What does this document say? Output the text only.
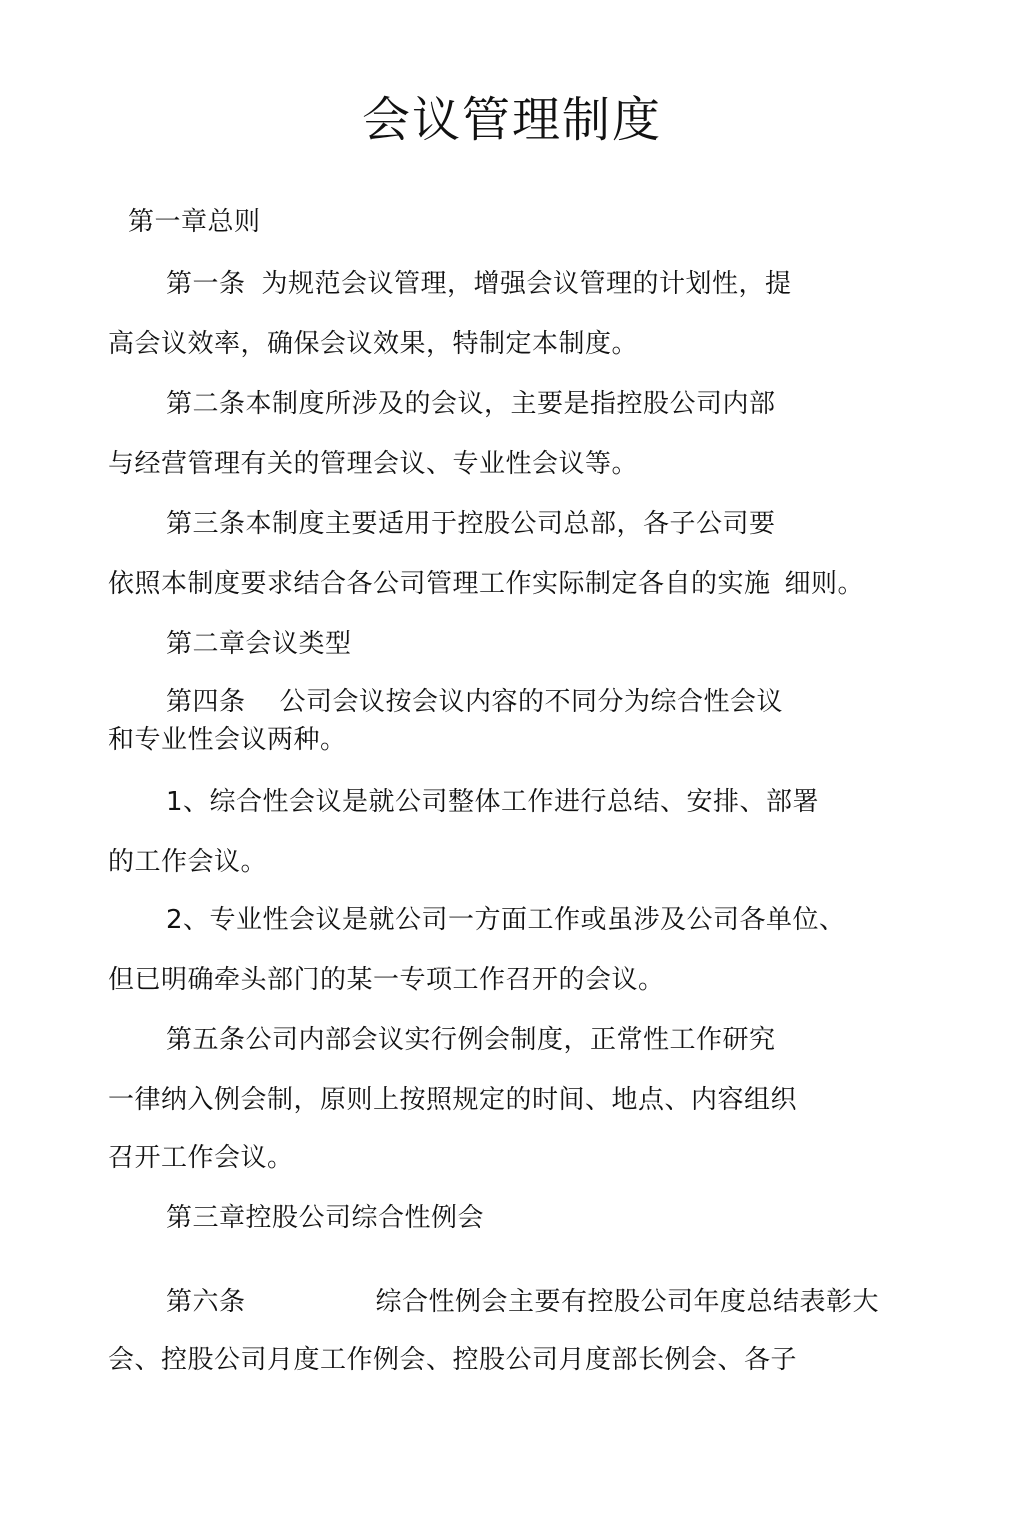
会议管理制度
第一章总则
第一条 为规范会议管理，增强会议管理的计划性，提
高会议效率，确保会议效果，特制定本制度。
第二条本制度所涉及的会议，主要是指控股公司内部
与经营管理有关的管理会议、专业性会议等。
第三条本制度主要适用于控股公司总部，各子公司要
依照本制度要求结合各公司管理工作实际制定各自的实施 细则。
第二章会议类型
第四条 公司会议按会议内容的不同分为综合性会议
和专业性会议两种。
1、综合性会议是就公司整体工作进行总结、安排、部署
的工作会议。
2、专业性会议是就公司一方面工作或虽涉及公司各单位、
但已明确牵头部门的某一专项工作召开的会议。
第五条公司内部会议实行例会制度，正常性工作研究
一律纳入例会制，原则上按照规定的时间、地点、内容组织
召开工作会议。
第三章控股公司综合性例会
第六条	综合性例会主要有控股公司年度总结表彰大
会、控股公司月度工作例会、控股公司月度部长例会、各子
